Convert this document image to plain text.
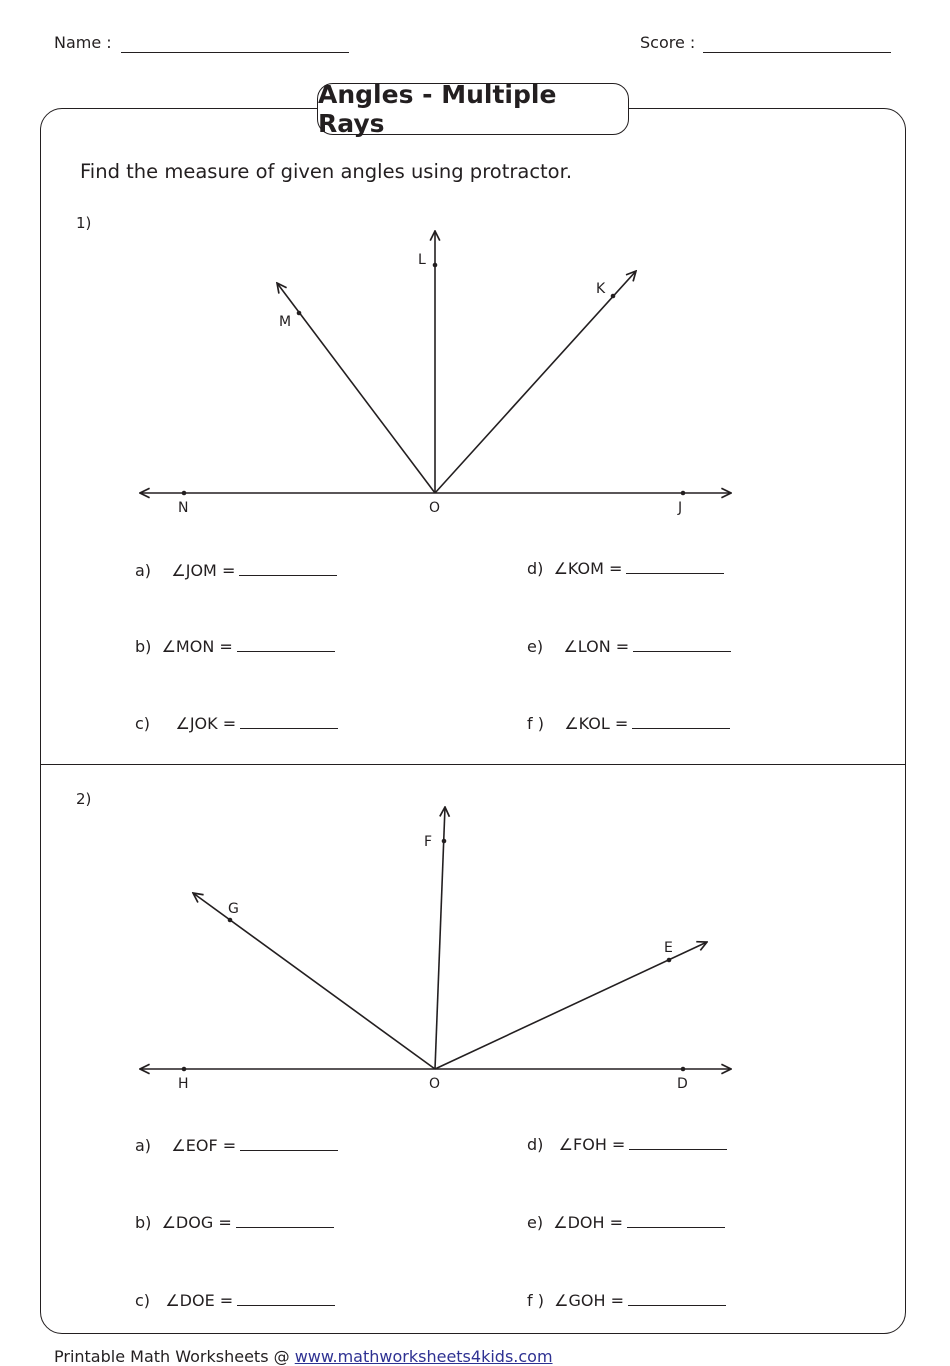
Name :	Score :
Angles - Multiple Rays
Find the measure of given angles using protractor.
1)
N	O	J
L
M
K
a) ∠JOM =
b) ∠MON =
c) ∠JOK =
d) ∠KOM =
e) ∠LON =
f ) ∠KOL =
2)
H	O	D
F
G
E
a) ∠EOF =
b) ∠DOG =
c) ∠DOE =
d) ∠FOH =
e) ∠DOH =
f ) ∠GOH =
Printable Math Worksheets @ www.mathworksheets4kids.com
